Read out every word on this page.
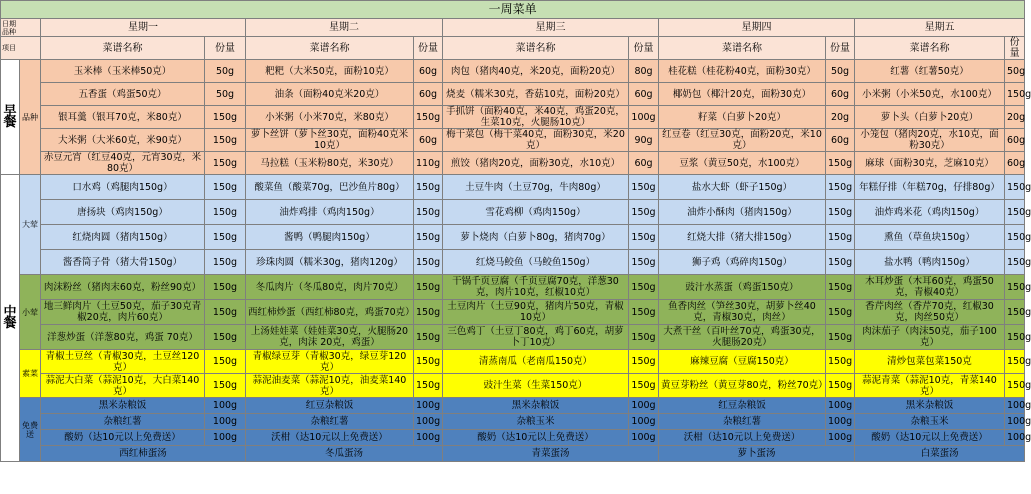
一周菜单											

日期
品种		星期一		星期二		星期三		星期四		星期五	
项目		菜谱名称	份量	菜谱名称	份量	菜谱名称	份量	菜谱名称	份量	菜谱名称	份量
早餐	品种	玉米棒（玉米棒50克）	50g	粑粑（大米50克，面粉10克）	60g	肉包（猪肉40克，米20克，面粉20克）	80g	桂花糕（桂花粉40克，面粉30克）	50g	红薯（红薯50克）	50g
		五香蛋（鸡蛋50克）	50g	油条（面粉40克米20克）	60g	烧麦（糯米30克，香菇10克，面粉20克）	60g	椰奶包（椰汁20克，面粉30克）	60g	小米粥（小米50克，水100克）	150g
		银耳羹（银耳70克，米80克）	150g	小米粥（小米70克，米80克）	150g	手抓饼（面粉40克，米40克，鸡蛋20克，生菜10克，火腿肠10克）	100g	籽菜（白萝卜20克）	20g	萝卜头（白萝卜20克）	20g
		大米粥（大米60克，米90克）	150g	萝卜丝饼（萝卜丝30克，面粉40克米10克）	60g	梅干菜包（梅干菜40克，面粉30克，米20克）	90g	红豆卷（红豆30克，面粉20克，米10克）	60g	小笼包（猪肉20克，水10克，面粉30克）	60g
		赤豆元宵（红豆40克，元宵30克，米80克）	150g	马拉糕（玉米粉80克，米30克）	110g	煎饺（猪肉20克，面粉30克，水10克）	60g	豆浆（黄豆50克，水100克）	150g	麻球（面粉30克，芝麻10克）	60g
中餐	大荤	口水鸡（鸡腿肉150g）	150g	酸菜鱼（酸菜70g，巴沙鱼片80g）	150g	土豆牛肉（土豆70g，牛肉80g）	150g	盐水大虾（虾子150g）	150g	年糕仔排（年糕70g，仔排80g）	150g
		唐扬块（鸡肉150g）	150g	油炸鸡排（鸡肉150g）	150g	雪花鸡柳（鸡肉150g）	150g	油炸小酥肉（猪肉150g）	150g	油炸鸡米花（鸡肉150g）	150g
		红烧肉圆（猪肉150g）	150g	酱鸭（鸭腿肉150g）	150g	萝卜烧肉（白萝卜80g，猪肉70g）	150g	红烧大排（猪大排150g）	150g	熏鱼（草鱼块150g）	150g
		酱香筒子骨（猪大骨150g）	150g	珍珠肉圆（糯米30g，猪肉120g）	150g	红烧马鲛鱼（马鲛鱼150g）	150g	狮子鸡（鸡碎肉150g）	150g	盐水鸭（鸭肉150g）	150g
	小荤	肉沫粉丝（猪肉末60克，粉丝90克）	150g	冬瓜肉片（冬瓜80克，肉片70克）	150g	干锅千页豆腐（千页豆腐70克，洋葱30克，肉片10克，红椒10克）	150g	豉汁水蒸蛋（鸡蛋150克）	150g	木耳炒蛋（木耳60克，鸡蛋50克，青椒40克）	150g
		地三鲜肉片（土豆50克，茄子30克青椒20克，肉片60克）	150g	西红柿炒蛋（西红柿80克，鸡蛋70克）	150g	土豆肉片（土豆90克，猪肉片50克，青椒10克）	150g	鱼香肉丝（笋丝30克，胡萝卜丝40克，青椒30克，肉丝）	150g	香芹肉丝（香芹70克，红椒30克，肉丝50克）	150g
		洋葱炒蛋（洋葱80克，鸡蛋 70克）	150g	上汤娃娃菜（娃娃菜30克，火腿肠20克，肉沫 20克，鸡蛋）	150g	三色鸡丁（土豆丁80克，鸡丁60克，胡萝卜丁10克）	150g	大煮干丝（百叶丝70克，鸡蛋30克，火腿肠20克）	150g	肉沫茄子（肉沫50克，茄子100克）	150g
	素菜	青椒土豆丝（青椒30克，土豆丝120克）	150g	青椒绿豆芽（青椒30克，绿豆芽120克）	150g	清蒸南瓜（老南瓜150克）	150g	麻辣豆腐（豆腐150克）	150g	清炒包菜包菜150克	150g
		蒜泥大白菜（蒜泥10克，大白菜140克）	150g	蒜泥油麦菜（蒜泥10克，油麦菜140克）	150g	豉汁生菜（生菜150克）	150g	黄豆芽粉丝（黄豆芽80克，粉丝70克）	150g	蒜泥青菜（蒜泥10克，青菜140克）	150g
	免费送	黑米杂粮饭	100g	红豆杂粮饭	100g	黑米杂粮饭	100g	红豆杂粮饭	100g	黑米杂粮饭	100g
		杂粮红薯	100g	杂粮红薯	100g	杂粮玉米	100g	杂粮红薯	100g	杂粮玉米	100g
		酸奶（达10元以上免费送）	100g	沃柑（达10元以上免费送）	100g	酸奶（达10元以上免费送）	100g	沃柑（达10元以上免费送）	100g	酸奶（达10元以上免费送）	100g
		西红柿蛋汤		冬瓜蛋汤		青菜蛋汤		萝卜蛋汤		白菜蛋汤	
